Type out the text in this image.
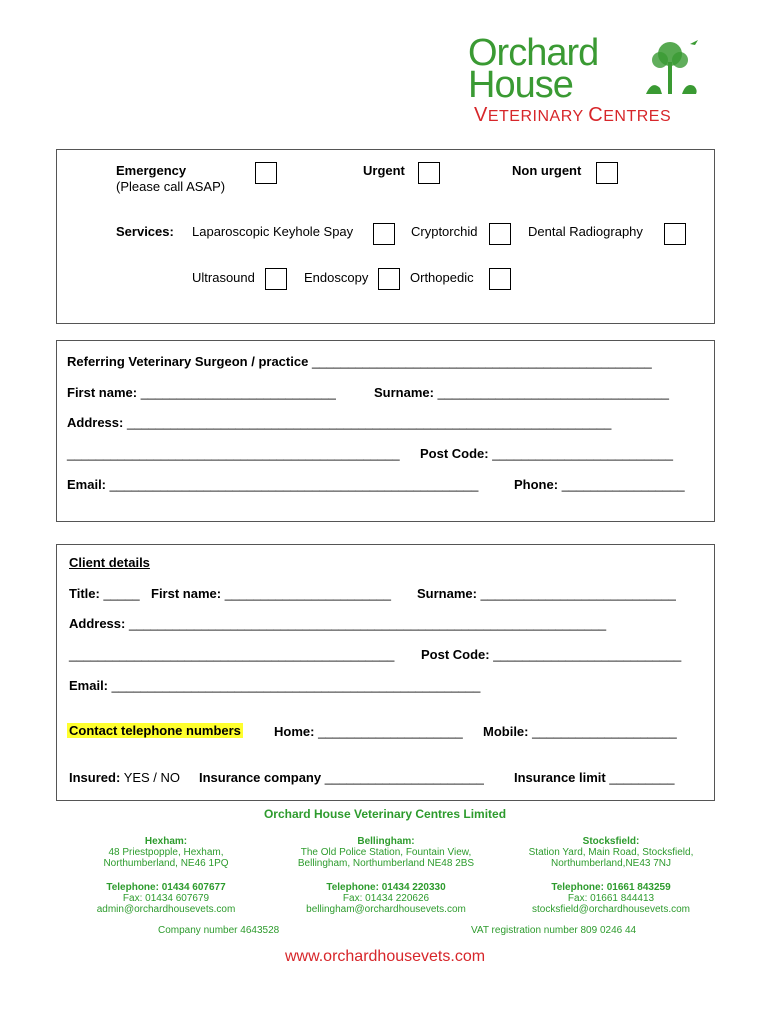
Orchard
House
VETERINARY CENTRES
Emergency
(Please call ASAP)
Urgent	Non urgent
Services: Laparoscopic Keyhole Spay	Cryptorchid	Dental Radiography
Ultrasound	Endoscopy	Orthopedic
Referring Veterinary Surgeon / practice _______________________________________________
First name: ___________________________	Surname: ________________________________
Address: ___________________________________________________________________
______________________________________________ Post Code: _________________________
Email: ___________________________________________________	Phone: _________________
Client details
Title: _____ First name: _______________________ Surname: ___________________________
Address: __________________________________________________________________
_____________________________________________ Post Code: __________________________
Email: ___________________________________________________
Contact telephone numbers	Home: ____________________ Mobile: ____________________
Insured: YES / NO Insurance company ______________________ Insurance limit _________
Orchard House Veterinary Centres Limited
Hexham:
48 Priestpopple, Hexham,
Northumberland, NE46 1PQ
Telephone: 01434 607677
Fax: 01434 607679
admin@orchardhousevets.com
Bellingham:
The Old Police Station, Fountain View,
Bellingham, Northumberland NE48 2BS
Telephone: 01434 220330
Fax: 01434 220626
bellingham@orchardhousevets.com
Stocksfield:
Station Yard, Main Road, Stocksfield,
Northumberland,NE43 7NJ
Telephone: 01661 843259
Fax: 01661 844413
stocksfield@orchardhousevets.com
Company number 4643528	VAT registration number 809 0246 44
www.orchardhousevets.com
